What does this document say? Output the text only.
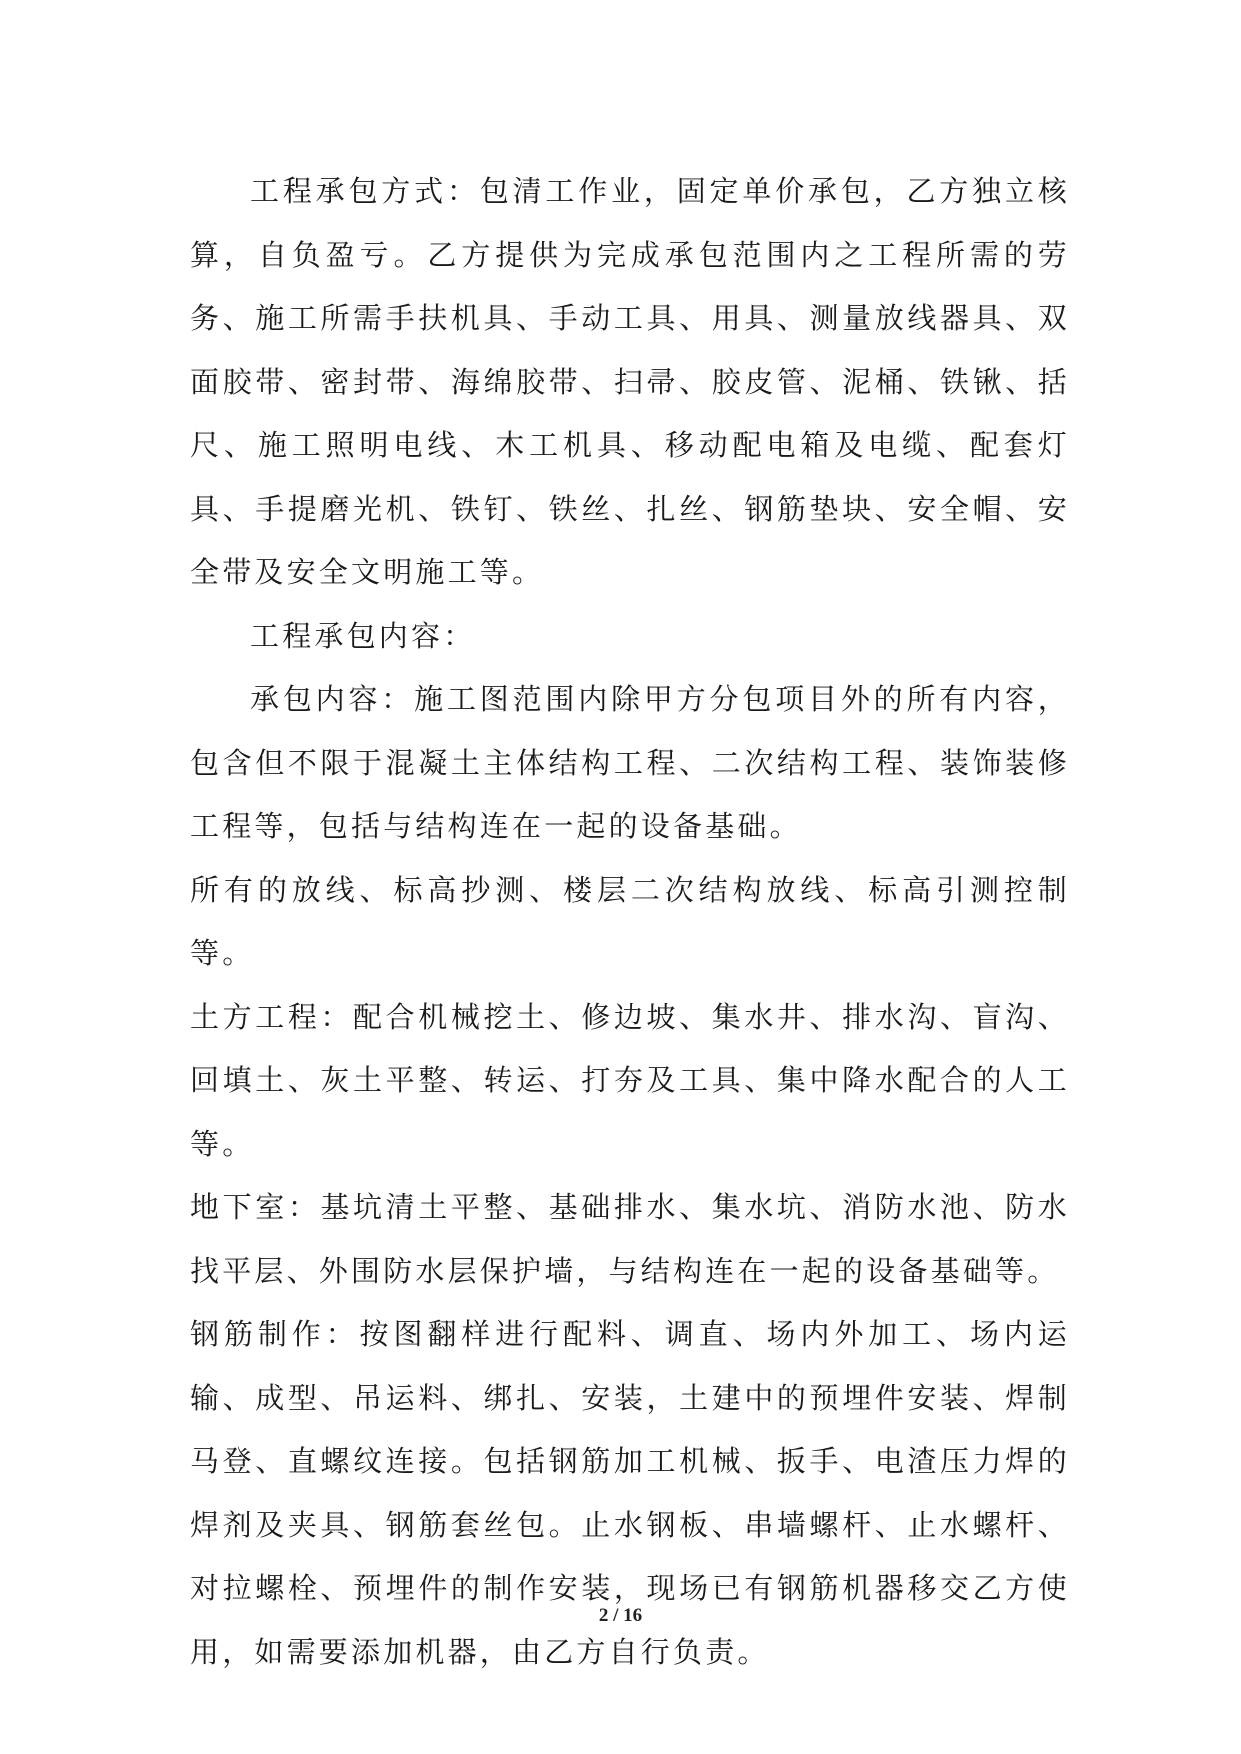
工程承包方式：包清工作业，固定单价承包，乙方独立核算，自负盈亏。乙方提供为完成承包范围内之工程所需的劳务、施工所需手扶机具、手动工具、用具、测量放线器具、双面胶带、密封带、海绵胶带、扫帚、胶皮管、泥桶、铁锹、括尺、施工照明电线、木工机具、移动配电箱及电缆、配套灯具、手提磨光机、铁钉、铁丝、扎丝、钢筋垫块、安全帽、安全带及安全文明施工等。

工程承包内容：

承包内容：施工图范围内除甲方分包项目外的所有内容，包含但不限于混凝土主体结构工程、二次结构工程、装饰装修工程等，包括与结构连在一起的设备基础。

所有的放线、标高抄测、楼层二次结构放线、标高引测控制等。

土方工程：配合机械挖土、修边坡、集水井、排水沟、盲沟、回填土、灰土平整、转运、打夯及工具、集中降水配合的人工等。

地下室：基坑清土平整、基础排水、集水坑、消防水池、防水找平层、外围防水层保护墙，与结构连在一起的设备基础等。

钢筋制作：按图翻样进行配料、调直、场内外加工、场内运输、成型、吊运料、绑扎、安装，土建中的预埋件安装、焊制马登、直螺纹连接。包括钢筋加工机械、扳手、电渣压力焊的焊剂及夹具、钢筋套丝包。止水钢板、串墙螺杆、止水螺杆、对拉螺栓、预埋件的制作安装，现场已有钢筋机器移交乙方使用，如需要添加机器，由乙方自行负责。

2 / 16
